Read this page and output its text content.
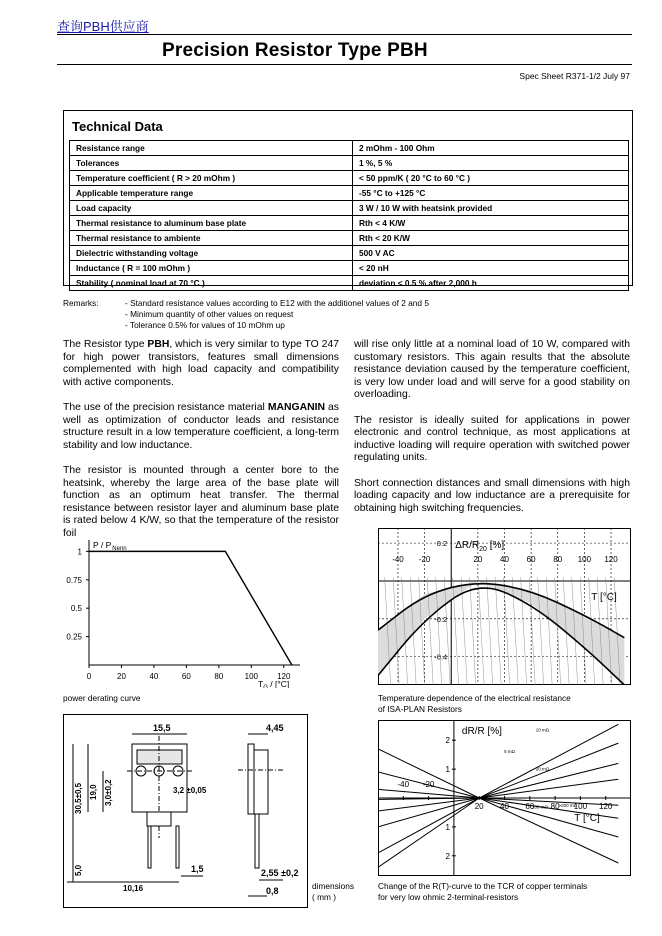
查询PBH供应商
Precision Resistor Type PBH
Spec Sheet R371-1/2 July 97
Technical Data
Resistance range	2 mOhm - 100 Ohm
Tolerances	1 %, 5 %
Temperature coefficient ( R > 20 mOhm )	< 50 ppm/K ( 20 °C to 60 °C )
Applicable temperature range	-55 °C to +125 °C
Load capacity	3 W / 10 W with heatsink provided
Thermal resistance to aluminum base plate	Rth < 4 K/W
Thermal resistance to ambiente	Rth < 20 K/W
Dielectric withstanding voltage	500 V AC
Inductance ( R = 100 mOhm )	< 20 nH
Stability ( nominal load at 70 °C )	deviation < 0.5 % after 2,000 h
Remarks:	- Standard resistance values according to E12 with the additionel values of 2 and 5
- Minimum quantity of other values on request
- Tolerance 0.5% for values of 10 mOhm up

The Resistor type PBH, which is very similar to type TO 247 for high power transistors, features small dimensions complemented with high load capacity and compatibility with active components.

The use of the precision resistance material MANGANIN as well as optimization of conductor leads and resistance structure result in a low temperature coefficient, a long-term stability and low inductance.

The resistor is mounted through a center bore to the heatsink, whereby the large area of the base plate will function as an optimum heat transfer. The thermal resistance between resistor layer and aluminum base plate is rated below 4 K/W, so that the temperature of the resistor foil

will rise only little at a nominal load of 10 W, compared with customary resistors. This again results that the absolute resistance deviation caused by the temperature coefficient, is very low under load and will serve for a good stability on overloading.

The resistor is ideally suited for applications in power electronic and control technique, as most applications at inductive loading will require operation with switched power regulating units.

Short connection distances and small dimensions with high loading capacity and low inductance are a prerequisite for obtaining high switching frequencies.

0	20	40	60	80	100 120
1
0.75
0.5
0.25
P / $P_{Nenn}$
$T_G / [^\circ C]$
power derating curve
-40 -20	20 40 60 80 100 120
0.2
-0.2
-0.4
$\Delta R/R_{20}$ [%]
T [°C]
Temperature dependence of the electrical resistance
of ISA-PLAN Resistors
15,5	4,45
3,2 ±0,05
30,5±0,5 19,0 3,0±0,2
5,0
10,16
1,5	2,55 ±0,2
0,8	dimensions
( mm )
-40 -20
20 40 60 80 100 120
2
1
1
2
dR/R [%]
T [°C]
10 mΩ
5 mΩ
20 mΩ
100 mΩ >200 mΩ
Change of the R(T)-curve to the TCR of copper terminals
for very low ohmic 2-terminal-resistors
